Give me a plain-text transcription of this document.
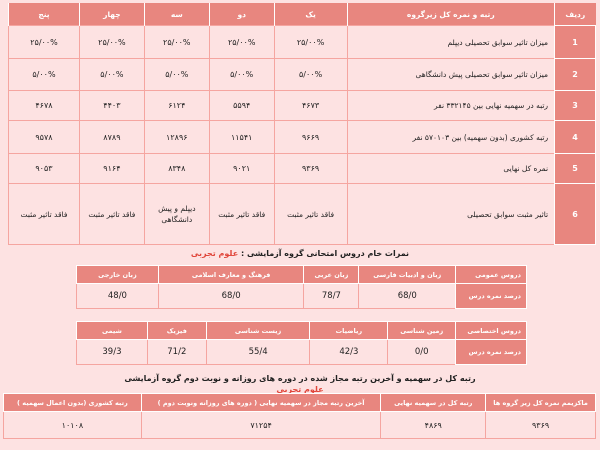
ردیف	رتبه و نمره کل زیرگروه	یک	دو	سه	چهار	پنج
1	میزان تاثیر سوابق تحصیلی دیپلم	۲۵/۰۰%	۲۵/۰۰%	۲۵/۰۰%	۲۵/۰۰%	۲۵/۰۰%
2	میزان تاثیر سوابق تحصیلی پیش دانشگاهی	۵/۰۰%	۵/۰۰%	۵/۰۰%	۵/۰۰%	۵/۰۰%
3	رتبه در سهمیه نهایی بین ۳۳۲۱۴۵ نفر	۴۶۷۳	۵۵۹۴	۶۱۲۴	۴۴۰۳	۴۶۷۸
4	رتبه کشوری (بدون سهمیه) بین ۵۷۰۱۰۳ نفر	۹۶۶۹	۱۱۵۴۱	۱۲۸۹۶	۸۷۸۹	۹۵۷۸
5	نمره کل نهایی	۹۳۶۹	۹۰۲۱	۸۳۴۸	۹۱۶۴	۹۰۵۳
6	تاثیر مثبت سوابق تحصیلی	فاقد تاثیر مثبت	فاقد تاثیر مثبت	دیپلم و پیش دانشگاهی	فاقد تاثیر مثبت	فاقد تاثیر مثبت
نمرات خام دروس امتحانی گروه آزمایشی : علوم تجربی
دروس عمومی	زبان و ادبیات فارسی	زبان عربی	فرهنگ و معارف اسلامی	زبان خارجی
درصد نمره درس	68/0	78/7	68/0	48/0
دروس اختصاصی	زمین شناسی	ریاضیات	زیست شناسی	فیزیک	شیمی
درصد نمره درس	0/0	42/3	55/4	71/2	39/3
رتبه کل در سهمیه و آخرین رتبه مجاز شده در دوره های روزانه و نوبت دوم گروه آزمایشی
علوم تجربی
ماکزیمم نمره کل زیر گروه ها	رتبه کل در سهمیه نهایی	آخرین رتبه مجاز در سهمیه نهایی ( دوره های روزانه ونوبت دوم )	رتبه کشوری (بدون اعمال سهمیه )
۹۳۶۹	۴۸۶۹	۷۱۲۵۴	۱۰۱۰۸
